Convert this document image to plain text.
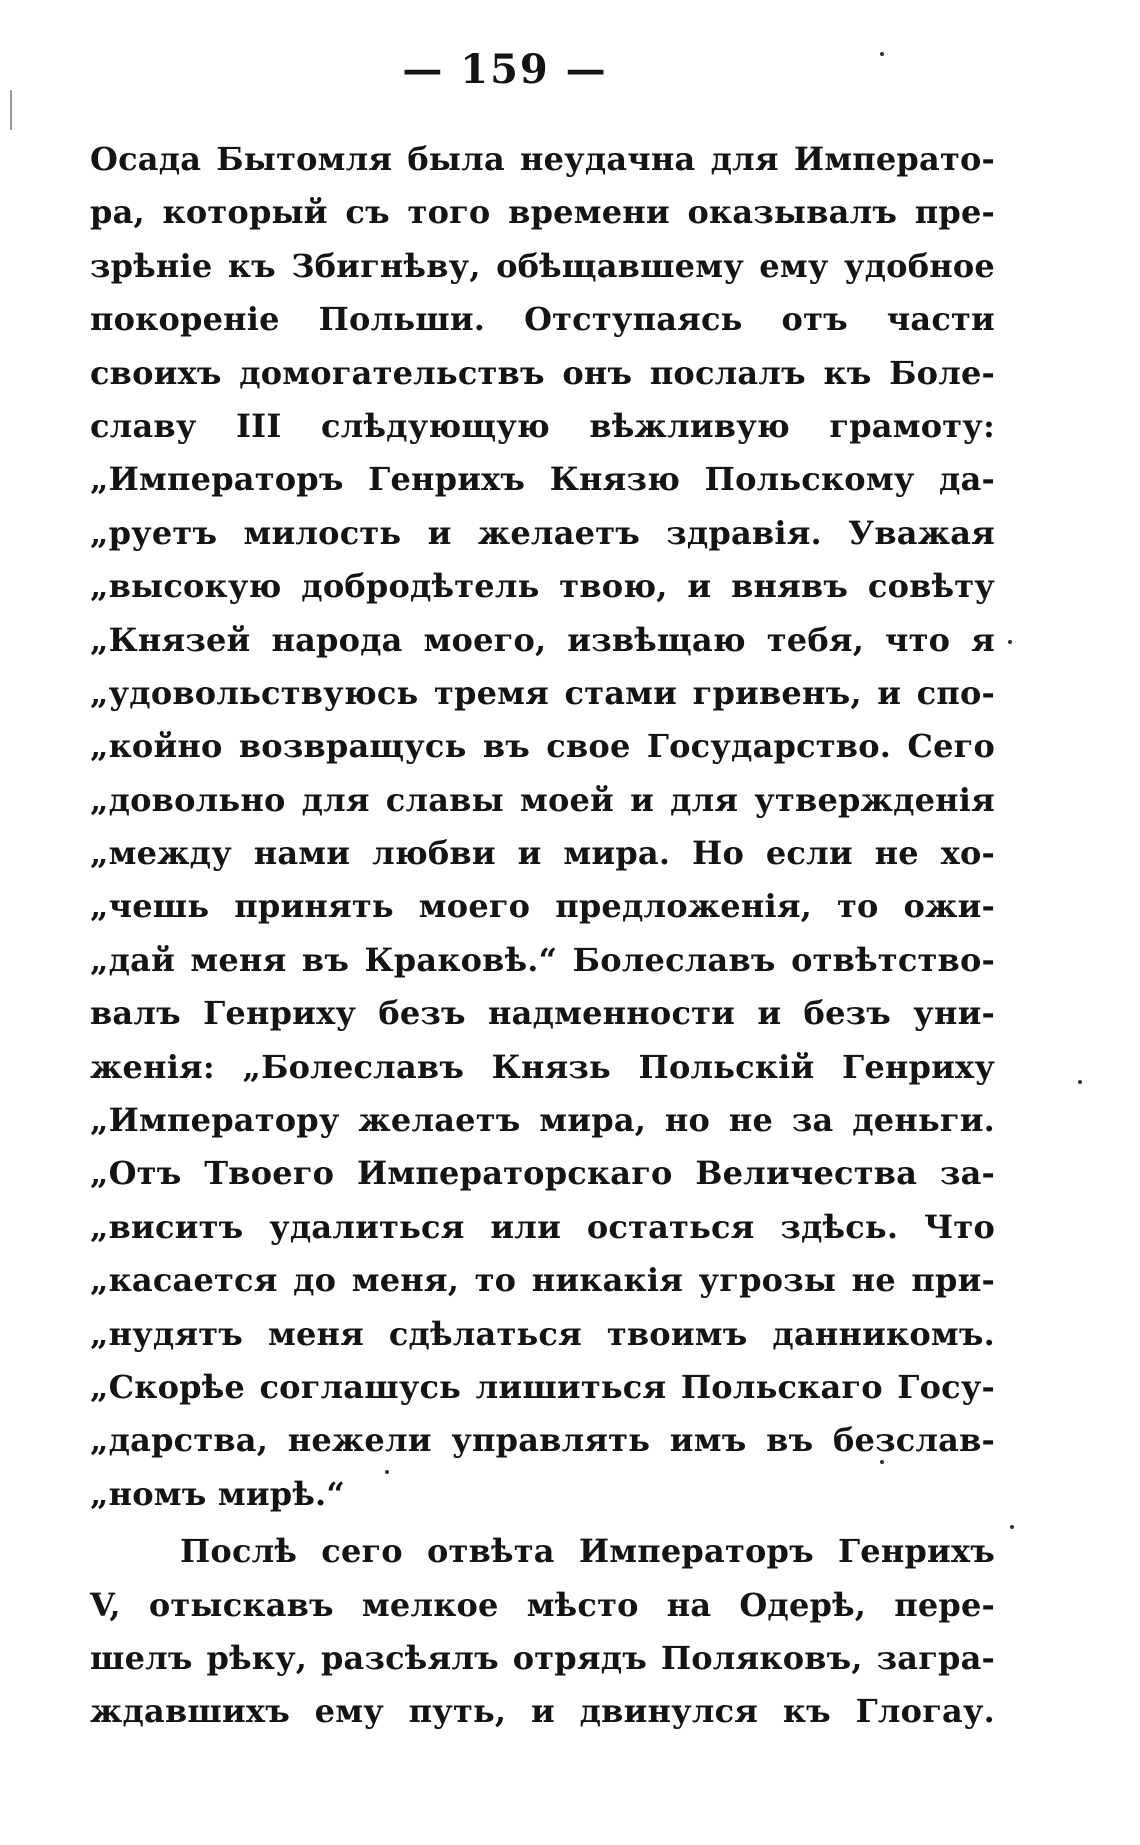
— 159 —
Осада Бытомля была неудачна для Императо-
ра, который съ того времени оказывалъ пре-
зрѣніе къ Збигнѣву, обѣщавшему ему удобное
покореніе Польши. Отступаясь отъ части
своихъ домогательствъ онъ послалъ къ Боле-
славу III слѣдующую вѣжливую грамоту:
„Императоръ Генрихъ Князю Польскому да-
„руетъ милость и желаетъ здравія. Уважая
„высокую добродѣтель твою, и внявъ совѣту
„Князей народа моего, извѣщаю тебя, что я
„удовольствуюсь тремя стами гривенъ, и спо-
„койно возвращусь въ свое Государство. Сего
„довольно для славы моей и для утвержденія
„между нами любви и мира. Но если не хо-
„чешь принять моего предложенія, то ожи-
„дай меня въ Краковѣ.“ Болеславъ отвѣтство-
валъ Генриху безъ надменности и безъ уни-
женія: „Болеславъ Князь Польскій Генриху
„Императору желаетъ мира, но не за деньги.
„Отъ Твоего Императорскаго Величества за-
„виситъ удалиться или остаться здѣсь. Что
„касается до меня, то никакія угрозы не при-
„нудятъ меня сдѣлаться твоимъ данникомъ.
„Скорѣе соглашусь лишиться Польскаго Госу-
„дарства, нежели управлять имъ въ безслав-
„номъ мирѣ.“
Послѣ сего отвѣта Императоръ Генрихъ
V, отыскавъ мелкое мѣсто на Одерѣ, пере-
шелъ рѣку, разсѣялъ отрядъ Поляковъ, загра-
ждавшихъ ему путь, и двинулся къ Глогау.
